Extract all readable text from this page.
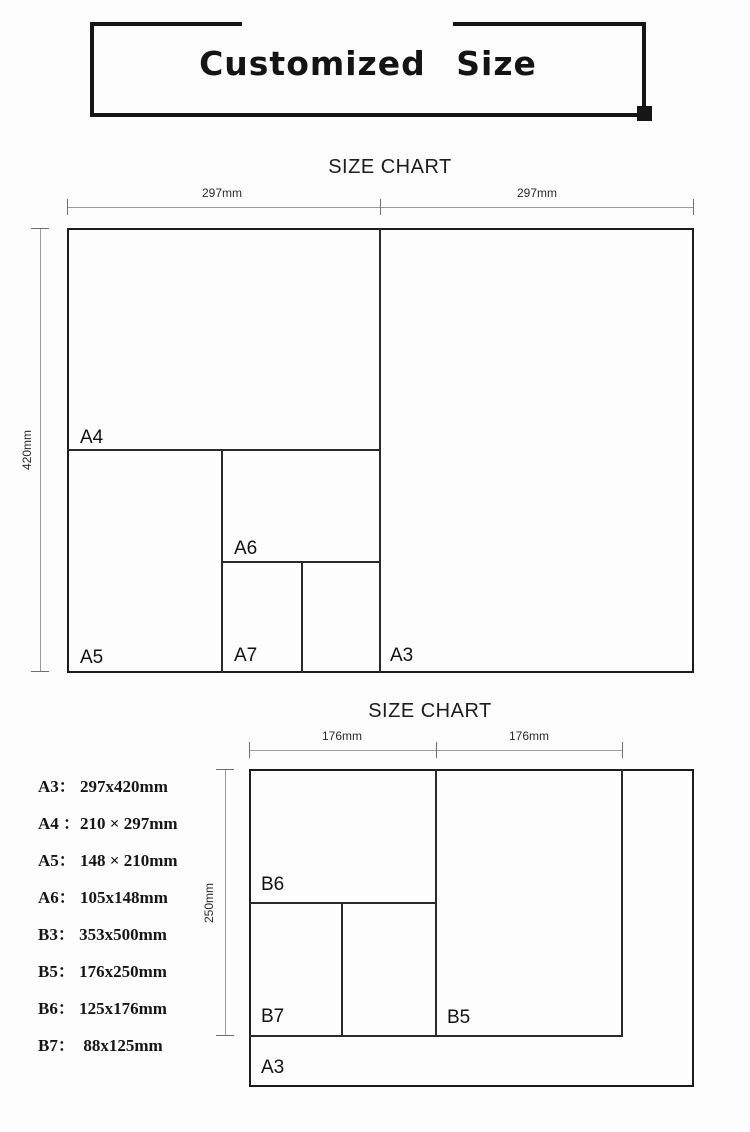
Customized Size
SIZE CHART
297mm	297mm
420mm A4
A5
A6
A7	A3
SIZE CHART
176mm	176mm
250mm B6
B7	B5
A3
A3： 297x420mm
A4 ：210 × 297mm
A5： 148 × 210mm
A6： 105x148mm
B3： 353x500mm
B5： 176x250mm
B6： 125x176mm
B7：  88x125mm
